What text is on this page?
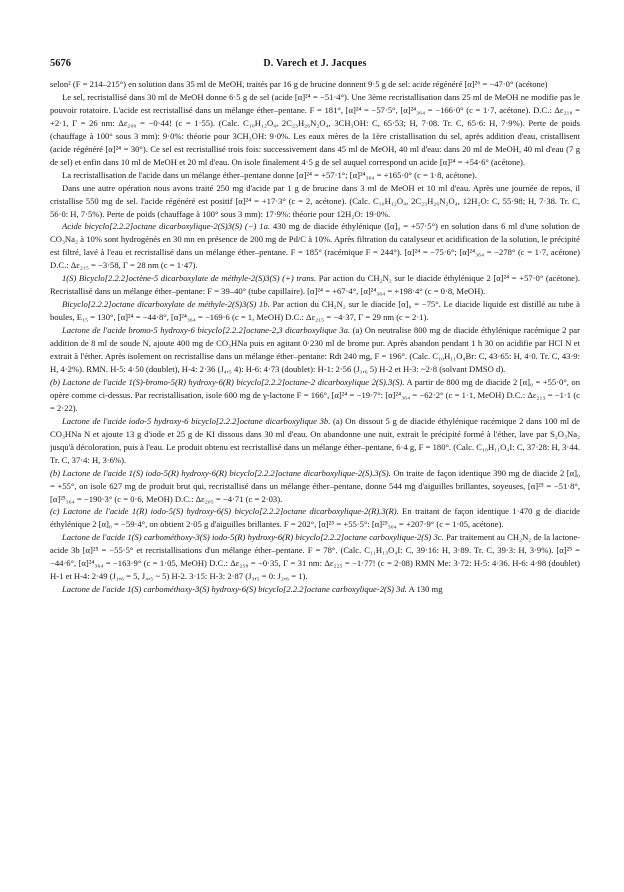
5676	D. Varech et J. Jacques

selon² (F = 214–215°) en solution dans 35 ml de MeOH, traités par 16 g de brucine donnent 9·5 g de sel: acide régénéré [α]²⁶ = −47·0° (acétone)

Le sel, recristallisé dans 30 ml de MeOH donne 6·5 g de sel (acide [α]²⁴ = −51·4°). Une 3ème recristallisation dans 25 ml de MeOH ne modifie pas le pouvoir rotatoire. L'acide est recristallisé dans un mélange éther–pentane. F = 181°, [α]²⁴ = −57·5°, [α]²⁴₃₆₄ = −166·0° (c = 1·7, acétone). D.C.: Δε₂₁₈ = +2·1, Γ = 26 nm: Δε₂₀₀ = −0·44! (c = 1·55). (Calc. C₁₀H₁₂O₄, 2C₂₃H₂₆N₂O₄, 3CH₃OH: C, 65·53; H, 7·08. Tr. C, 65·6: H, 7·9%). Perte de poids (chauffage à 100° sous 3 mm): 9·0%: théorie pour 3CH₃OH: 9·0%. Les eaux mères de la 1ère cristallisation du sel, après addition d'eau, cristallisent (acide régénéré [α]²⁴ = 30°). Ce sel est recristallisé trois fois: successivement dans 45 ml de MeOH, 40 ml d'eau: dans 20 ml de MeOH, 40 ml d'eau (7 g de sel) et enfin dans 10 ml de MeOH et 20 ml d'eau. On isole finalement 4·5 g de sel auquel correspond un acide [α]²⁴ = +54·6° (acétone).

La recristallisation de l'acide dans un mélange éther–pentane donne [α]²⁴ = +57·1°; [α]²⁴₃₆₄ = +165·0° (c = 1·8, acétone).

Dans une autre opération nous avons traité 250 mg d'acide par 1 g de brucine dans 3 ml de MeOH et 10 ml d'eau. Après une journée de repos, il cristallise 550 mg de sel. l'acide régénéré est positif [α]²⁴ = +17·3° (c = 2, acétone). (Calc. C₁₀H₁₂O₄, 2C₂₃H₂₆N₂O₄, 12H₂O: C, 55·98; H, 7·38. Tr. C, 56·0: H, 7·5%). Perte de poids (chauffage à 100° sous 3 mm): 17·9%: théorie pour 12H₂O: 19·0%.

Acide bicyclo[2.2.2]octane dicarboxylique-2(S)3(S) (−) 1a. 430 mg de diacide éthylénique ([α]₀ = +57·5°) en solution dans 6 ml d'une solution de CO₃Na₂ à 10% sont hydrogénés en 30 mn en présence de 200 mg de Pd/C à 10%. Après filtration du catalyseur et acidification de la solution, le précipité est filtré, lavé à l'eau et recristallisé dans un mélange éther–pentane. F = 185° (racémique F = 244°). [α]²⁴ = −75·6°; [α]²⁴₃₆₄ = −278° (c = 1·7, acétone) D.C.: Δε₂₁₅ = −3·58, Γ = 28 nm (c = 1·47).

1(S) Bicyclo[2.2.2]octène-5 dicarboxylate de méthyle-2(S)3(S) (+) trans. Par action du CH₂N₂ sur le diacide éthylénique 2 [α]²⁴ = +57·0° (acétone). Recristallisé dans un mélange éther–pentane: F = 39–40° (tube capillaire). [α]²⁴ = +67·4°, [α]²⁴₃₆₄ = +198·4° (c = 0·8, MeOH).

Bicyclo[2.2.2]octane dicarboxylate de méthyle-2(S)3(S) 1b. Par action du CH₂N₂ sur le diacide [α]₀ = −75°. Le diacide liquide est distillé au tube à boules, E₁₅ = 130°, [α]²⁴ = −44·8°, [α]²⁴₃₆₄ = −169·6 (c = 1, MeOH) D.C.: Δε₂₁₅ = −4·37, Γ = 29 nm (c = 2·1).

Lactone de l'acide bromo-5 hydroxy-6 bicyclo[2.2.2]octane-2,3 dicarboxylique 3a. (a) On neutralise 800 mg de diacide éthylénique racémique 2 par addition de 8 ml de soude N, ajoute 400 mg de CO₃HNa puis en agitant 0·230 ml de brome pur. Après abandon pendant 1 h 30 on acidifie par HCl N et extrait à l'éther. Après isolement on recristallise dans un mélange éther–pentane: Rdt 240 mg, F = 196°. (Calc. C₁₀H₁₁O₄Br: C, 43·65: H, 4·0. Tr. C, 43·9: H, 4·2%). RMN. H-5: 4·50 (doublet), H-4: 2·36 (J₄,₅ 4): H-6: 4·73 (doublet): H-1: 2·56 (J₁,₆ 5) H-2 et H-3: ~2·8 (solvant DMSO d).

(b) Lactone de l'acide 1(S)-bromo-5(R) hydroxy-6(R) bicyclo[2.2.2]octane-2 dicarboxylique 2(S).3(S). A partir de 800 mg de diacide 2 [α]₀ = +55·0°, on opère comme ci-dessus. Par recristallisation, isole 600 mg de γ-lactone F = 166°, [α]²⁴ = −19·7°: [α]²⁴₃₆₄ = −62·2° (c = 1·1, MeOH) D.C.: Δε₂₁₃ = −1·1 (c = 2·22).

Lactone de l'acide iodo-5 hydroxy-6 bicyclo[2.2.2]octane dicarboxylique 3b. (a) On dissout 5 g de diacide éthylénique racémique 2 dans 100 ml de CO₃HNa N et ajoute 13 g d'iode et 25 g de KI dissous dans 30 ml d'eau. On abandonne une nuit, extrait le précipité formé à l'éther, lave par S₂O₃Na₂ jusqu'à décoloration, puis à l'eau. Le produit obtenu est recristallisé dans un mélange éther–pentane, 6·4 g, F = 180°. (Calc. C₁₀H₁₁O₄I: C, 37·28: H, 3·44. Tr. C, 37·4: H, 3·6%).

(b) Lactone de l'acide 1(S) iodo-5(R) hydroxy-6(R) bicyclo[2.2.2]octane dicarboxylique-2(S).3(S). On traite de façon identique 390 mg de diacide 2 [α]₀ = +55°, on isole 627 mg de produit brut qui, recristallisé dans un mélange éther–pentane, donne 544 mg d'aiguilles brillantes, soyeuses, [α]²⁵ = −51·8°, [α]²⁵₃₆₄ = −190·3° (c = 0·6, MeOH) D.C.: Δε₂₀₅ = −4·71 (c = 2·03).

(c) Lactone de l'acide 1(R) iodo-5(S) hydroxy-6(S) bicyclo[2.2.2]octane dicarboxylique-2(R).3(R). En traitant de façon identique 1·470 g de diacide éthylénique 2 [α]₀ = −59·4°, on obtient 2·05 g d'aiguilles brillantes. F = 202°, [α]²⁵ = +55·5°: [α]²⁵₃₆₄ = +207·9° (c = 1·05, acétone).

Lactone de l'acide 1(S) carbométhoxy-3(S) iodo-5(R) hydroxy-6(R) bicyclo[2.2.2]octane carboxylique-2(S) 3c. Par traitement au CH₂N₂ de la lactone-acide 3b [α]²⁵ = −55·5° et recristallisations d'un mélange éther–pentane. F = 78°. (Calc. C₁₁H₁₃O₄I: C, 39·16: H, 3·89. Tr. C, 39·3: H, 3·9%). [α]²⁵ = −44·6°, [α]²⁴₃₆₄ = −163·9° (c = 1·05, MeOH) D.C.: Δε₂₅₈ = −0·35, Γ = 31 nm: Δε₂₂₅ = −1·77! (c = 2·08) RMN Me: 3·72: H-5: 4·36. H-6: 4·98 (doublet) H-1 et H-4: 2·49 (J₁,₆ = 5, J₄,₅ ~ 5) H-2. 3·15: H-3: 2·87 (J₃,₅ = 0: J₂,₆ = 1).

Lactone de l'acide 1(S) carbométhoxy-3(S) hydroxy-6(S) bicyclo[2.2.2]octane carboxylique-2(S) 3d. A 130 mg
